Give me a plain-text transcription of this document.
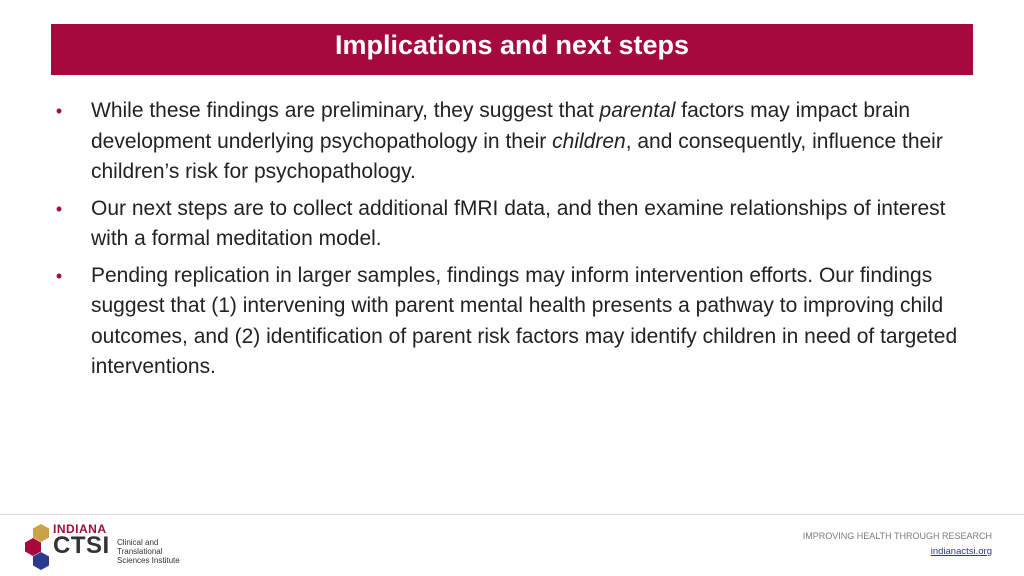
Implications and next steps
• While these findings are preliminary, they suggest that parental factors may impact brain development underlying psychopathology in their children, and consequently, influence their children’s risk for psychopathology.
• Our next steps are to collect additional fMRI data, and then examine relationships of interest with a formal meditation model.
• Pending replication in larger samples, findings may inform intervention efforts. Our findings suggest that (1) intervening with parent mental health presents a pathway to improving child outcomes, and (2) identification of parent risk factors may identify children in need of targeted interventions.
INDIANA
CTSI Clinical and Translational Sciences Institute
IMPROVING HEALTH THROUGH RESEARCH
indianactsi.org
